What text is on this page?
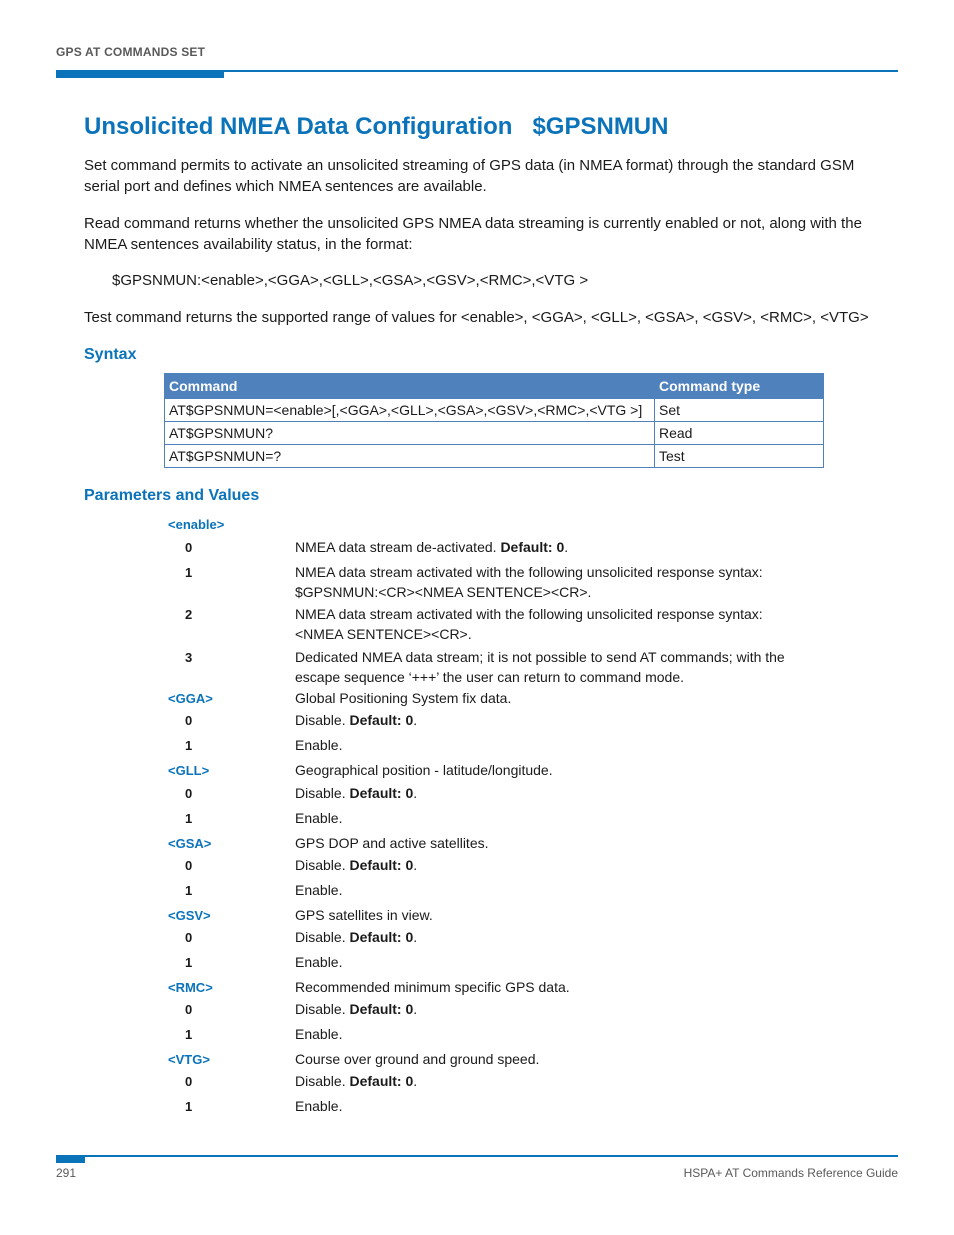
GPS AT COMMANDS SET
Unsolicited NMEA Data Configuration   $GPSNMUN

Set command permits to activate an unsolicited streaming of GPS data (in NMEA format) through the standard GSM serial port and defines which NMEA sentences are available.

Read command returns whether the unsolicited GPS NMEA data streaming is currently enabled or not, along with the NMEA sentences availability status, in the format:

$GPSNMUN:<enable>,<GGA>,<GLL>,<GSA>,<GSV>,<RMC>,<VTG >

Test command returns the supported range of values for <enable>, <GGA>, <GLL>, <GSA>, <GSV>, <RMC>, <VTG>

Syntax
Command	Command type
AT$GPSNMUN=<enable>[,<GGA>,<GLL>,<GSA>,<GSV>,<RMC>,<VTG >]	Set
AT$GPSNMUN?	Read
AT$GPSNMUN=?	Test
Parameters and Values
<enable>
0	NMEA data stream de-activated. Default: 0.
1	NMEA data stream activated with the following unsolicited response syntax:
$GPSNMUN:<CR><NMEA SENTENCE><CR>.
2	NMEA data stream activated with the following unsolicited response syntax:
<NMEA SENTENCE><CR>.
3	Dedicated NMEA data stream; it is not possible to send AT commands; with the
escape sequence ‘+++’ the user can return to command mode.
<GGA>	Global Positioning System fix data.
0	Disable. Default: 0.
1	Enable.
<GLL>	Geographical position - latitude/longitude.
0	Disable. Default: 0.
1	Enable.
<GSA>	GPS DOP and active satellites.
0	Disable. Default: 0.
1	Enable.
<GSV>	GPS satellites in view.
0	Disable. Default: 0.
1	Enable.
<RMC>	Recommended minimum specific GPS data.
0	Disable. Default: 0.
1	Enable.
<VTG>	Course over ground and ground speed.
0	Disable. Default: 0.
1	Enable.
291	HSPA+ AT Commands Reference Guide
